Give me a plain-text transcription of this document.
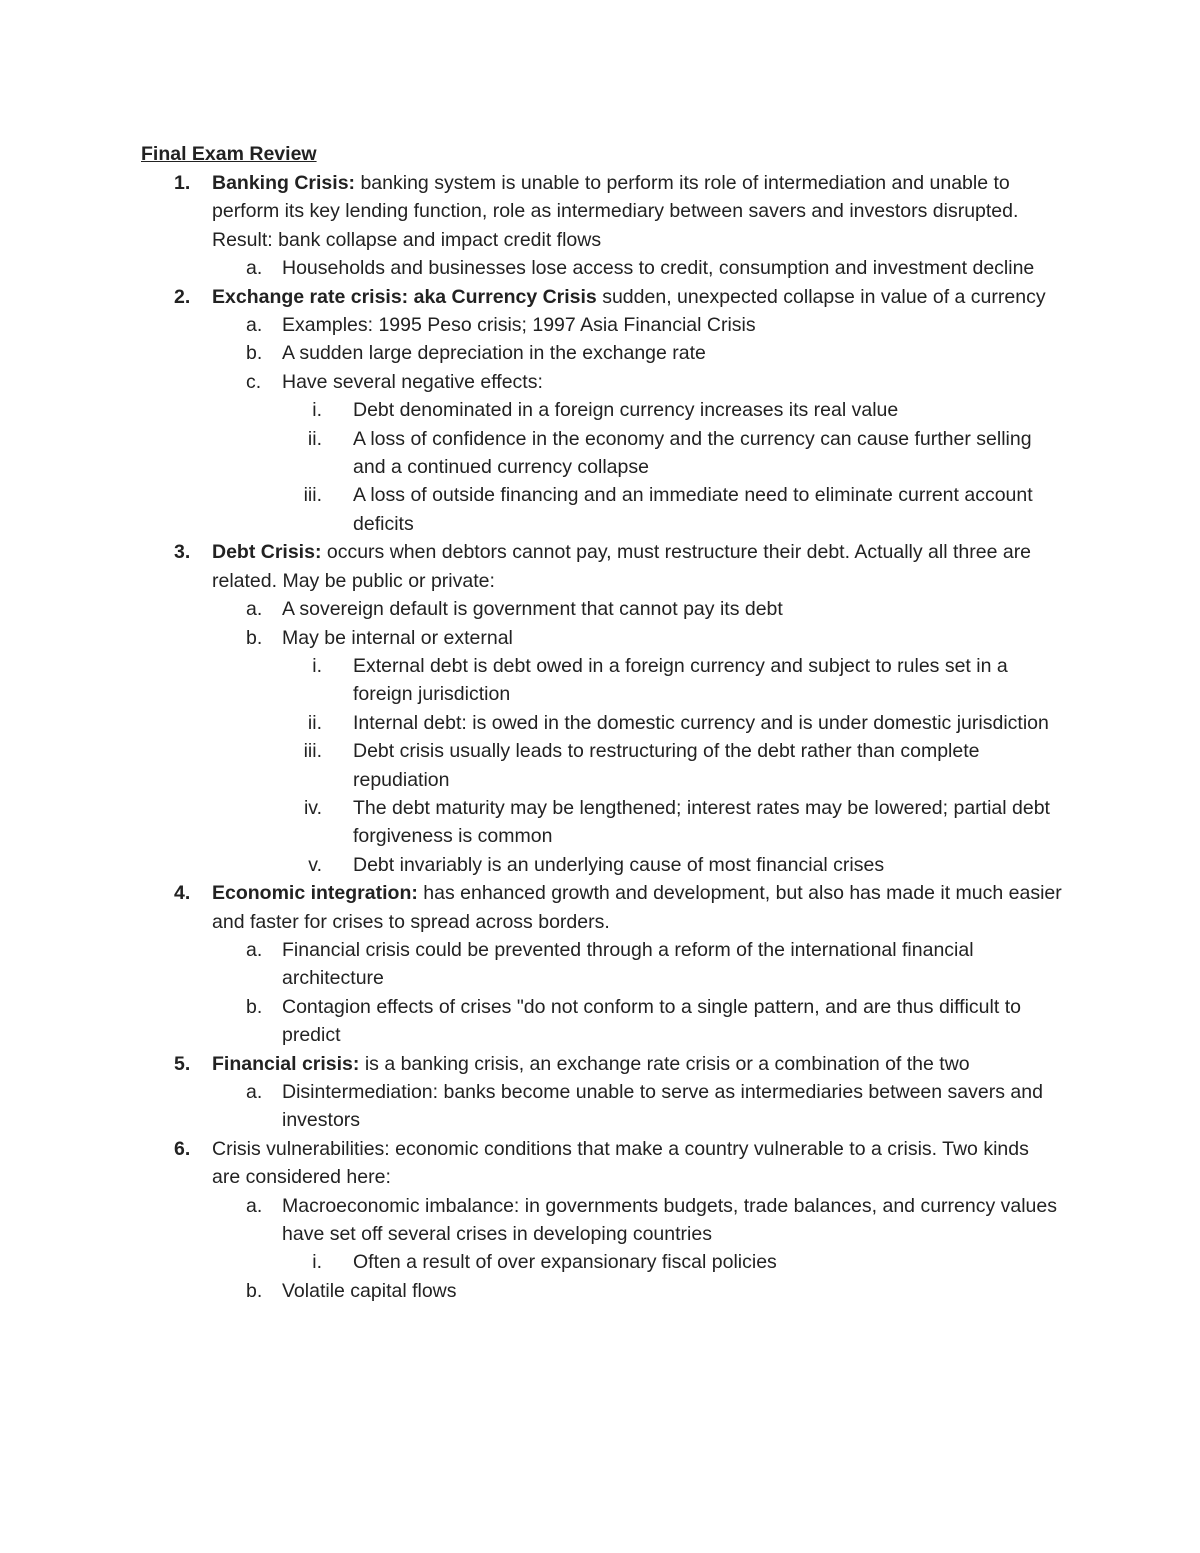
Final Exam Review
1. Banking Crisis: banking system is unable to perform its role of intermediation and unable to perform its key lending function, role as intermediary between savers and investors disrupted. Result: bank collapse and impact credit flows
a. Households and businesses lose access to credit, consumption and investment decline
2. Exchange rate crisis: aka Currency Crisis sudden, unexpected collapse in value of a currency
a. Examples: 1995 Peso crisis; 1997 Asia Financial Crisis
b. A sudden large depreciation in the exchange rate
c. Have several negative effects:
i. Debt denominated in a foreign currency increases its real value
ii. A loss of confidence in the economy and the currency can cause further selling and a continued currency collapse
iii. A loss of outside financing and an immediate need to eliminate current account deficits
3. Debt Crisis: occurs when debtors cannot pay, must restructure their debt. Actually all three are related. May be public or private:
a. A sovereign default is government that cannot pay its debt
b. May be internal or external
i. External debt is debt owed in a foreign currency and subject to rules set in a foreign jurisdiction
ii. Internal debt: is owed in the domestic currency and is under domestic jurisdiction
iii. Debt crisis usually leads to restructuring of the debt rather than complete repudiation
iv. The debt maturity may be lengthened; interest rates may be lowered; partial debt forgiveness is common
v. Debt invariably is an underlying cause of most financial crises
4. Economic integration: has enhanced growth and development, but also has made it much easier and faster for crises to spread across borders.
a. Financial crisis could be prevented through a reform of the international financial architecture
b. Contagion effects of crises "do not conform to a single pattern, and are thus difficult to predict
5. Financial crisis: is a banking crisis, an exchange rate crisis or a combination of the two
a. Disintermediation: banks become unable to serve as intermediaries between savers and investors
6. Crisis vulnerabilities: economic conditions that make a country vulnerable to a crisis. Two kinds are considered here:
a. Macroeconomic imbalance: in governments budgets, trade balances, and currency values have set off several crises in developing countries
i. Often a result of over expansionary fiscal policies
b. Volatile capital flows
